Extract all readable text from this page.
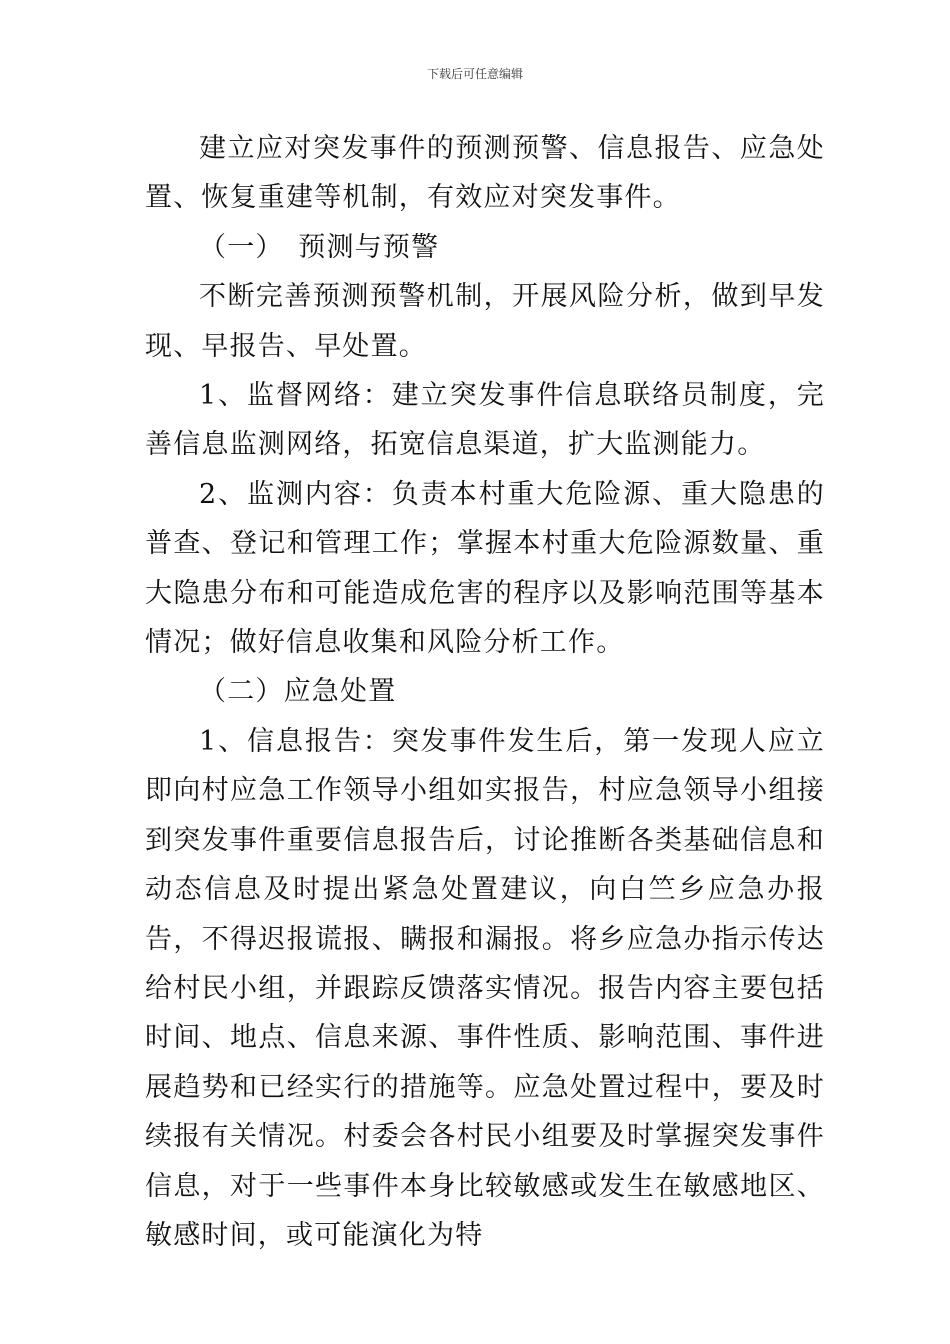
下载后可任意编辑

建立应对突发事件的预测预警、信息报告、应急处置、恢复重建等机制，有效应对突发事件。

（一）　预测与预警

不断完善预测预警机制，开展风险分析，做到早发现、早报告、早处置。

1、监督网络：建立突发事件信息联络员制度，完善信息监测网络，拓宽信息渠道，扩大监测能力。

2、监测内容：负责本村重大危险源、重大隐患的普查、登记和管理工作；掌握本村重大危险源数量、重大隐患分布和可能造成危害的程序以及影响范围等基本情况；做好信息收集和风险分析工作。

（二）应急处置

1、信息报告：突发事件发生后，第一发现人应立即向村应急工作领导小组如实报告，村应急领导小组接到突发事件重要信息报告后，讨论推断各类基础信息和动态信息及时提出紧急处置建议，向白竺乡应急办报告，不得迟报谎报、瞒报和漏报。将乡应急办指示传达给村民小组，并跟踪反馈落实情况。报告内容主要包括时间、地点、信息来源、事件性质、影响范围、事件进展趋势和已经实行的措施等。应急处置过程中，要及时续报有关情况。村委会各村民小组要及时掌握突发事件信息，对于一些事件本身比较敏感或发生在敏感地区、敏感时间，或可能演化为特
